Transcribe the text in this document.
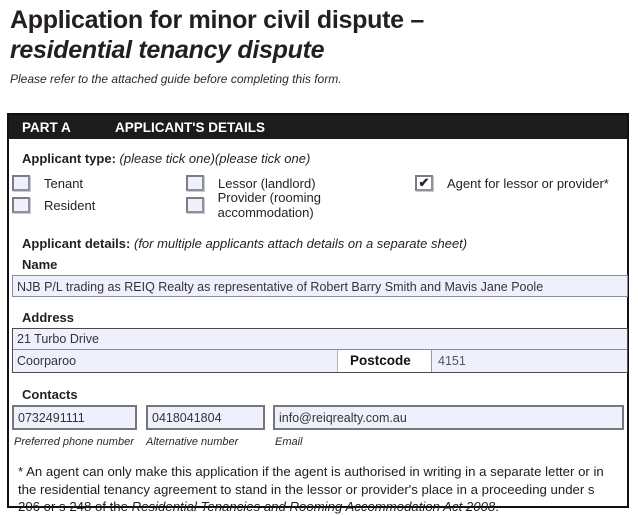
Application for minor civil dispute –
residential tenancy dispute
Please refer to the attached guide before completing this form.
PART A	APPLICANT'S DETAILS
Applicant type: (please tick one)(please tick one)
Tenant	Lessor (landlord)	✔ Agent for lessor or provider*
Resident	Provider (rooming accommodation)
Applicant details: (for multiple applicants attach details on a separate sheet)
Name
NJB P/L trading as REIQ Realty as representative of Robert Barry Smith and Mavis Jane Poole
Address
21 Turbo Drive
Coorparoo	Postcode	4151
Contacts
0732491111	0418041804	info@reiqrealty.com.au
Preferred phone number	Alternative number	Email
* An agent can only make this application if the agent is authorised in writing in a separate letter or in the residential tenancy agreement to stand in the lessor or provider's place in a proceeding under s 206 or s 248 of the Residential Tenancies and Rooming Accommodation Act 2008.
